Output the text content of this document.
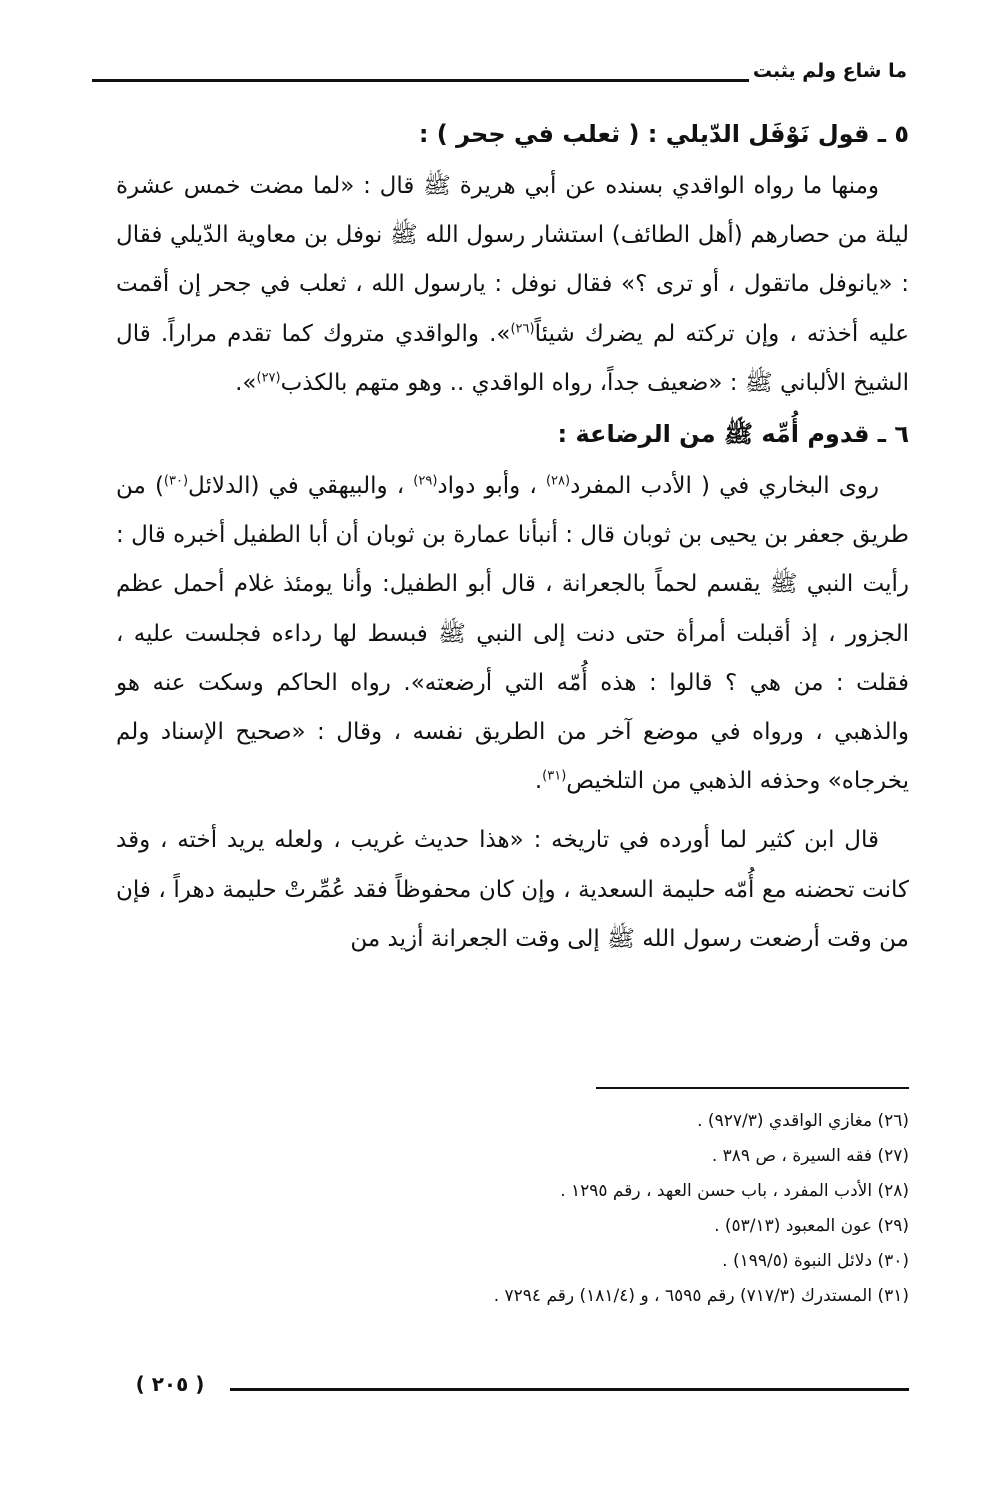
ما شاع ولم يثبت
٥ ـ قول نَوْفَل الدّيلي : ( ثعلب في جحر ) :

ومنها ما رواه الواقدي بسنده عن أبي هريرة ﷺ قال : «لما مضت خمس عشرة ليلة من حصارهم (أهل الطائف) استشار رسول الله ﷺ نوفل بن معاوية الدّيلي فقال : «يانوفل ماتقول ، أو ترى ؟» فقال نوفل : يارسول الله ، ثعلب في جحر إن أقمت عليه أخذته ، وإن تركته لم يضرك شيئاً$^{(٢٦)}$». والواقدي متروك كما تقدم مراراً. قال الشيخ الألباني ﷺ : «ضعيف جداً، رواه الواقدي .. وهو متهم بالكذب$^{(٢٧)}$».

٦ ـ قدوم أُمِّه ﷺ من الرضاعة :

روى البخاري في ( الأدب المفرد$^{(٢٨)}$ ، وأبو دواد$^{(٢٩)}$ ، والبيهقي في (الدلائل$^{(٣٠)}$) من طريق جعفر بن يحيى بن ثوبان قال : أنبأنا عمارة بن ثوبان أن أبا الطفيل أخبره قال : رأيت النبي ﷺ يقسم لحماً بالجعرانة ، قال أبو الطفيل: وأنا يومئذ غلام أحمل عظم الجزور ، إذ أقبلت أمرأة حتى دنت إلى النبي ﷺ فبسط لها رداءه فجلست عليه ، فقلت : من هي ؟ قالوا : هذه أُمّه التي أرضعته». رواه الحاكم وسكت عنه هو والذهبي ، ورواه في موضع آخر من الطريق نفسه ، وقال : «صحيح الإسناد ولم يخرجاه» وحذفه الذهبي من التلخيص$^{(٣١)}$.

قال ابن كثير لما أورده في تاريخه : «هذا حديث غريب ، ولعله يريد أخته ، وقد كانت تحضنه مع أُمّه حليمة السعدية ، وإن كان محفوظاً فقد عُمِّرتْ حليمة دهراً ، فإن من وقت أرضعت رسول الله ﷺ إلى وقت الجعرانة أزيد من

(٢٦) مغازي الواقدي (٩٢٧/٣) .
(٢٧) فقه السيرة ، ص ٣٨٩ .
(٢٨) الأدب المفرد ، باب حسن العهد ، رقم ١٢٩٥ .
(٢٩) عون المعبود (٥٣/١٣) .
(٣٠) دلائل النبوة (١٩٩/٥) .
(٣١) المستدرك (٧١٧/٣) رقم ٦٥٩٥ ، و (١٨١/٤) رقم ٧٢٩٤ .
( ٢٠٥ )
